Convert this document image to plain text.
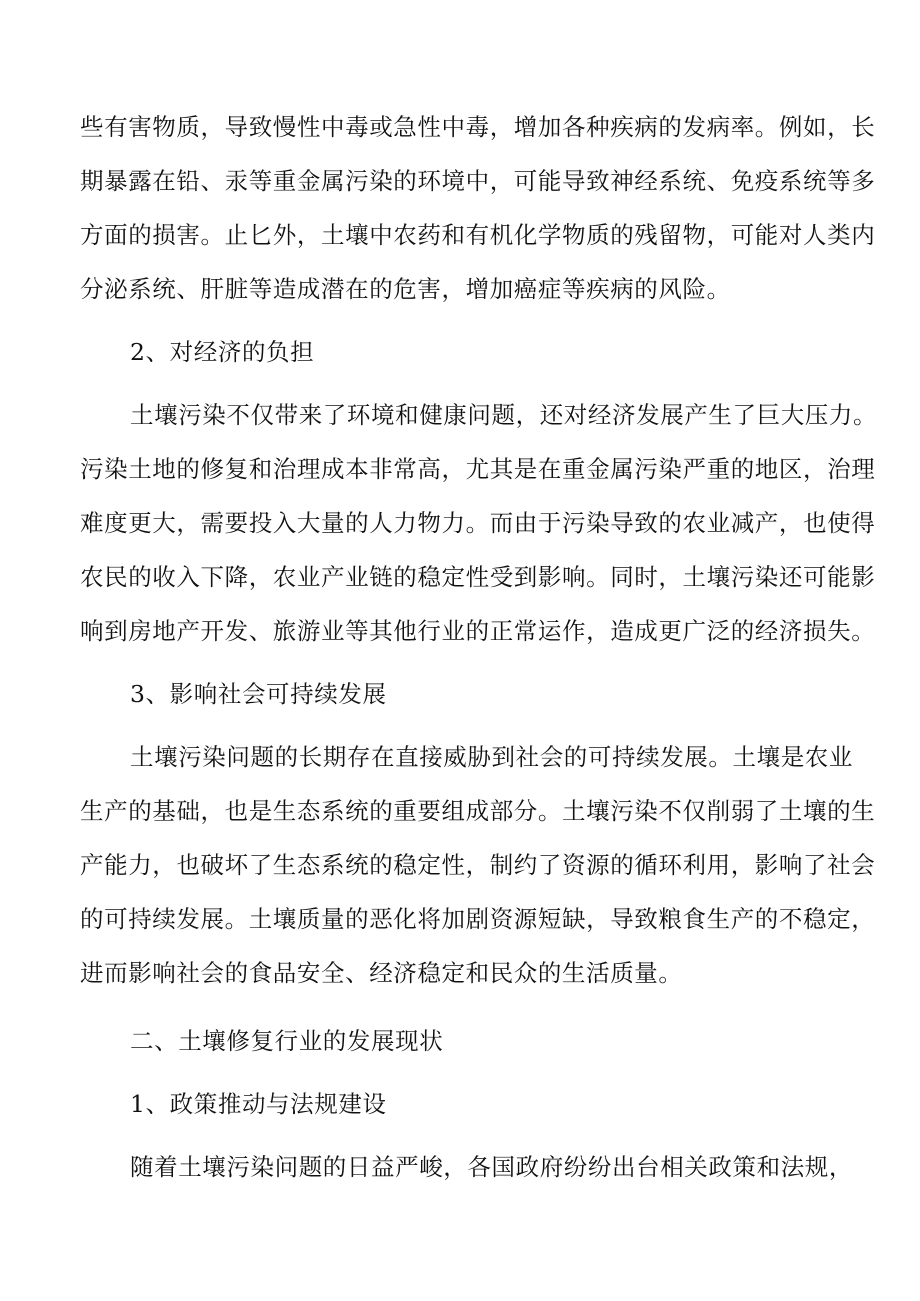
些有害物质，导致慢性中毒或急性中毒，增加各种疾病的发病率。例如，长
期暴露在铅、汞等重金属污染的环境中，可能导致神经系统、免疫系统等多
方面的损害。止匕外，土壤中农药和有机化学物质的残留物，可能对人类内
分泌系统、肝脏等造成潜在的危害，增加癌症等疾病的风险。
2、对经济的负担
土壤污染不仅带来了环境和健康问题，还对经济发展产生了巨大压力。
污染土地的修复和治理成本非常高，尤其是在重金属污染严重的地区，治理
难度更大，需要投入大量的人力物力。而由于污染导致的农业减产，也使得
农民的收入下降，农业产业链的稳定性受到影响。同时，土壤污染还可能影
响到房地产开发、旅游业等其他行业的正常运作，造成更广泛的经济损失。
3、影响社会可持续发展
土壤污染问题的长期存在直接威胁到社会的可持续发展。土壤是农业
生产的基础，也是生态系统的重要组成部分。土壤污染不仅削弱了土壤的生
产能力，也破坏了生态系统的稳定性，制约了资源的循环利用，影响了社会
的可持续发展。土壤质量的恶化将加剧资源短缺，导致粮食生产的不稳定，
进而影响社会的食品安全、经济稳定和民众的生活质量。
二、土壤修复行业的发展现状
1、政策推动与法规建设
随着土壤污染问题的日益严峻，各国政府纷纷出台相关政策和法规，
